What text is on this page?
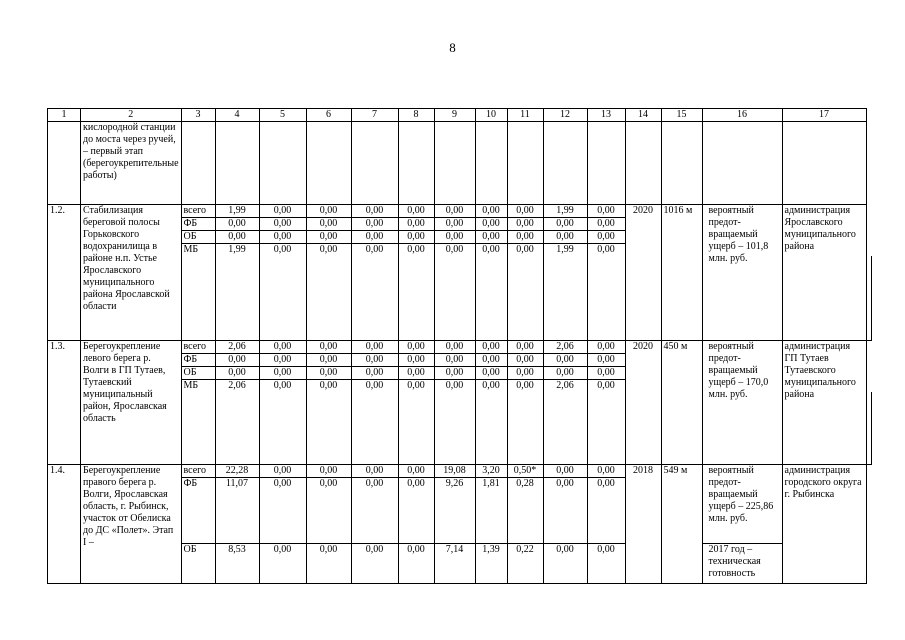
8
1	2	3	4	5	6	7	8	9	10	11	12	13	14	15	16	17	
	кислородной станции до моста через ручей, – первый этап (берегоукрепительные работы)																
1.2.	Стабилизация береговой полосы Горьковского водохранилища в районе н.п. Устье Ярославского муниципального района Ярославской области	всего	1,99	0,00	0,00	0,00	0,00	0,00	0,00	0,00	1,99	0,00	2020	1016 м	вероятный предот-вращаемый ущерб – 101,8 млн. руб.	администрация Ярославского муниципального района	
		ФБ	0,00	0,00	0,00	0,00	0,00	0,00	0,00	0,00	0,00	0,00					
		ОБ	0,00	0,00	0,00	0,00	0,00	0,00	0,00	0,00	0,00	0,00					
		МБ	1,99	0,00	0,00	0,00	0,00	0,00	0,00	0,00	1,99	0,00					

1.3.	Берегоукрепление левого берега р. Волги в ГП Тутаев, Тутаевский муниципальный район, Ярославская область	всего	2,06	0,00	0,00	0,00	0,00	0,00	0,00	0,00	2,06	0,00	2020	450 м	вероятный предот-вращаемый ущерб – 170,0 млн. руб.	администрация ГП Тутаев Тутаевского муниципального района	
		ФБ	0,00	0,00	0,00	0,00	0,00	0,00	0,00	0,00	0,00	0,00					
		ОБ	0,00	0,00	0,00	0,00	0,00	0,00	0,00	0,00	0,00	0,00					
		МБ	2,06	0,00	0,00	0,00	0,00	0,00	0,00	0,00	2,06	0,00					

1.4.	Берегоукрепление правого берега р. Волги, Ярославская область, г. Рыбинск, участок от Обелиска до ДС «Полет». Этап I –	всего	22,28	0,00	0,00	0,00	0,00	19,08	3,20	0,50*	0,00	0,00	2018	549 м	вероятный предот-вращаемый ущерб – 225,86 млн. руб.	администрация городского округа г. Рыбинска	
		ФБ	11,07	0,00	0,00	0,00	0,00	9,26	1,81	0,28	0,00	0,00					
		ОБ	8,53	0,00	0,00	0,00	0,00	7,14	1,39	0,22	0,00	0,00			2017 год – техническая готовность		
